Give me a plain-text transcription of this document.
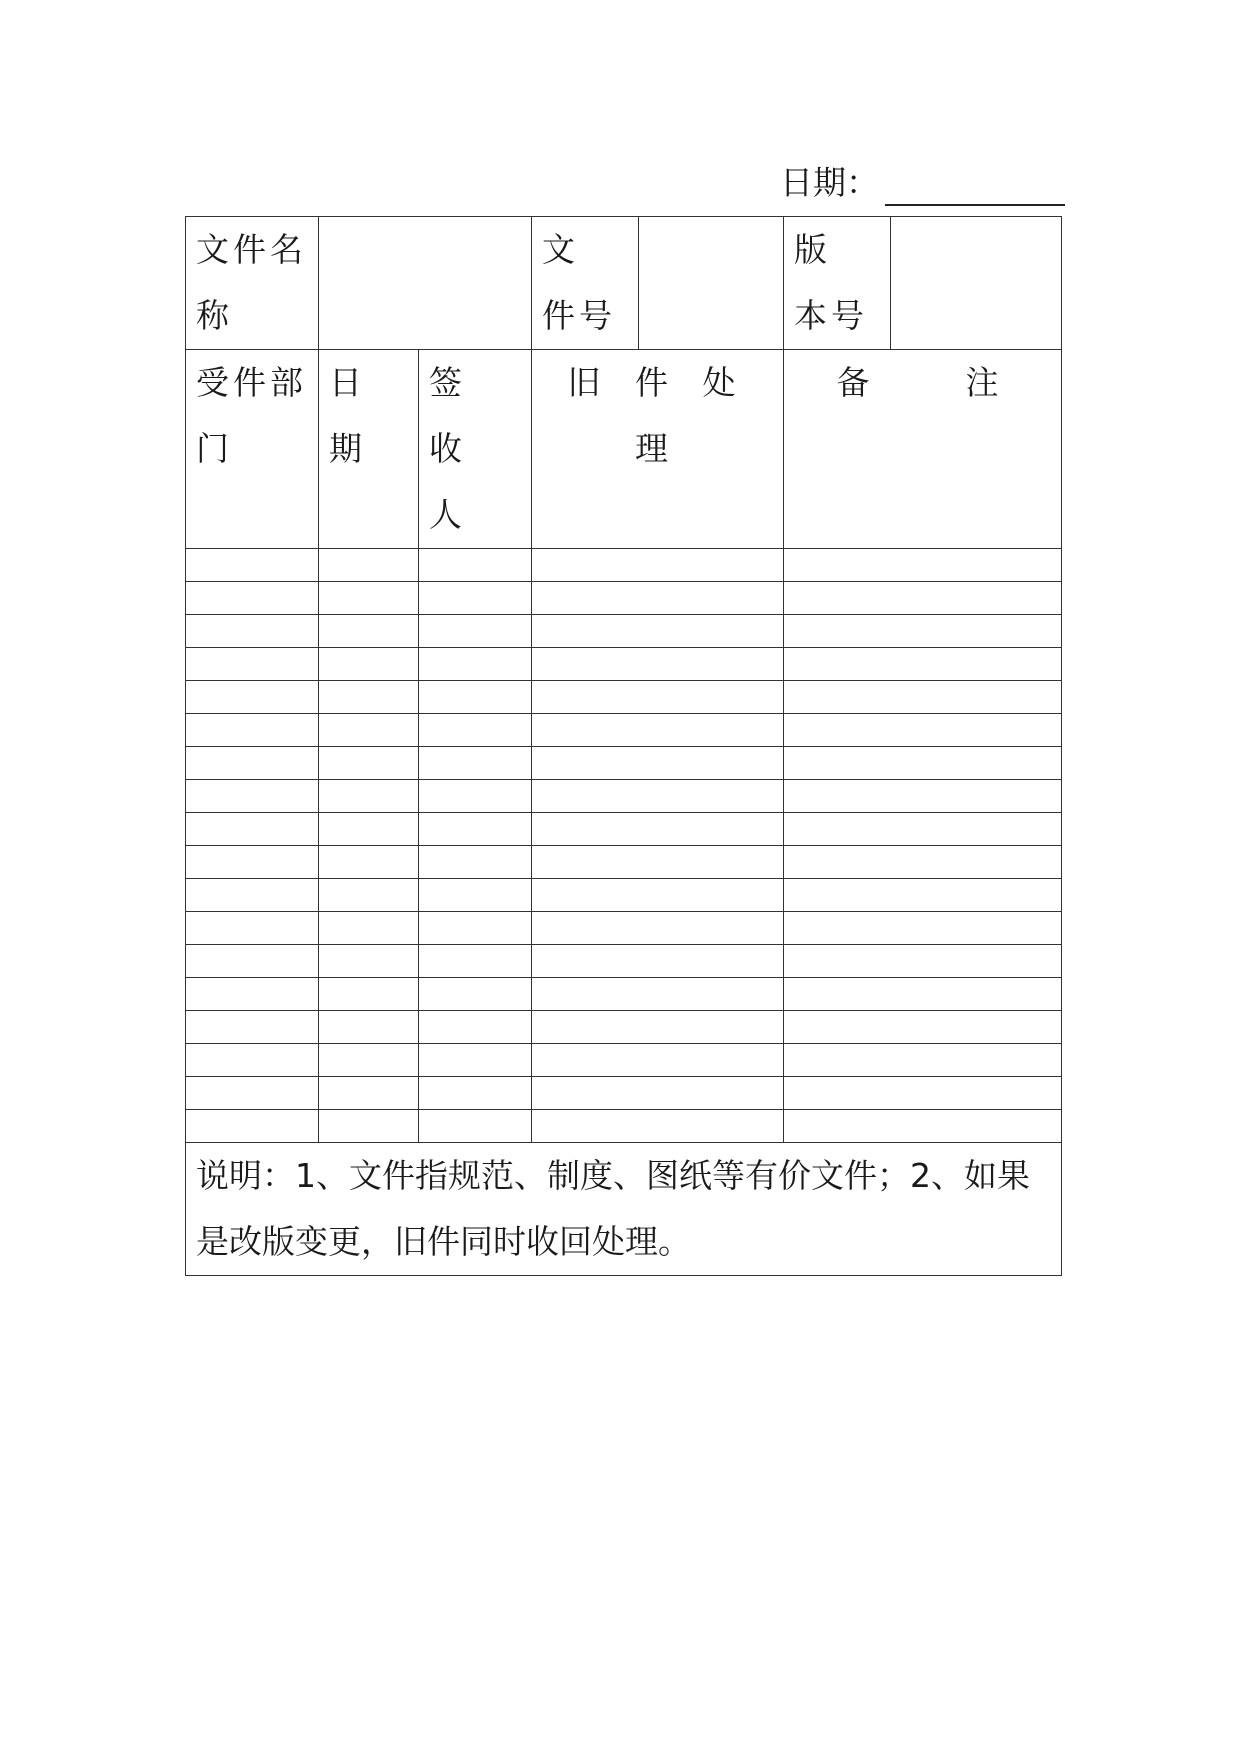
日期：
文件名称			文 件号		版 本号	

受件部门	日 期	签 收人	旧 件 处 理		备　　注	

说明：1、文件指规范、制度、图纸等有价文件；2、如果是改版变更，旧件同时收回处理。						
